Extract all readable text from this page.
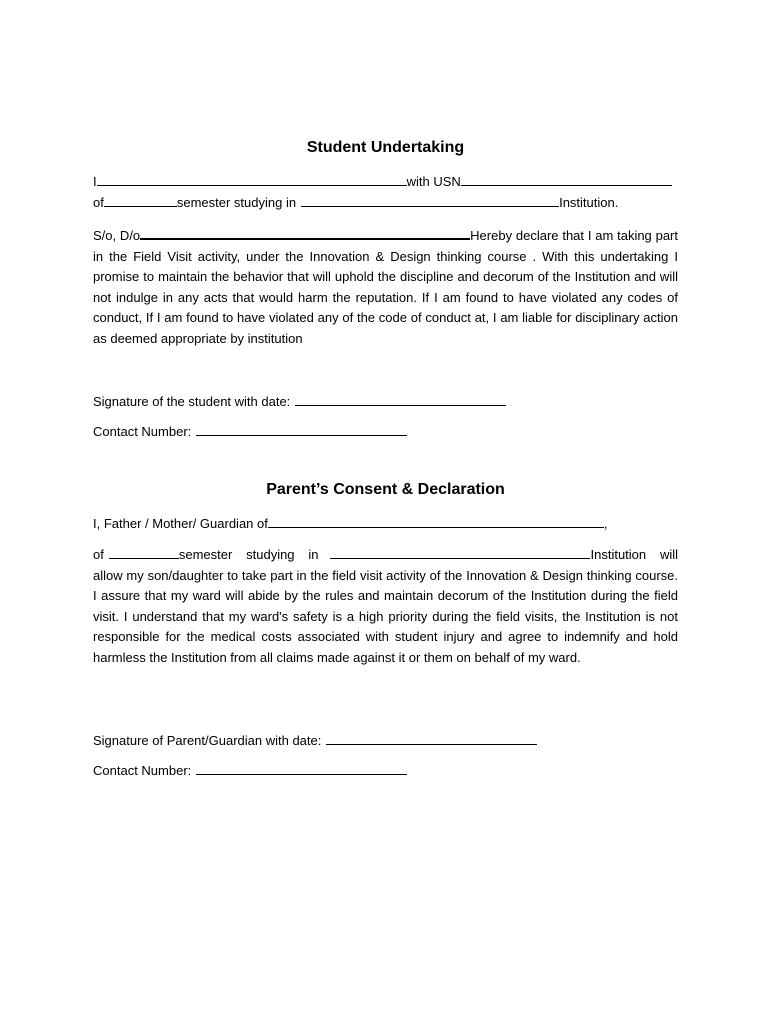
Student Undertaking
I	with USN
of	semester studying in	Institution.

S/o, D/o	Hereby declare that I am taking part in the Field Visit activity, under the Innovation & Design thinking course . With this undertaking I promise to maintain the behavior that will uphold the discipline and decorum of the Institution and will not indulge in any acts that would harm the reputation. If I am found to have violated any codes of conduct, If I am found to have violated any of the code of conduct at, I am liable for disciplinary action as deemed appropriate by institution

Signature of the student with date:
Contact Number:
Parent’s Consent & Declaration
I, Father / Mother/ Guardian of	,

of	semester studying in	Institution will allow my son/daughter to take part in the field visit activity of the Innovation & Design thinking course. I assure that my ward will abide by the rules and maintain decorum of the Institution during the field visit. I understand that my ward's safety is a high priority during the field visits, the Institution is not responsible for the medical costs associated with student injury and agree to indemnify and hold harmless the Institution from all claims made against it or them on behalf of my ward.

Signature of Parent/Guardian with date:
Contact Number:
